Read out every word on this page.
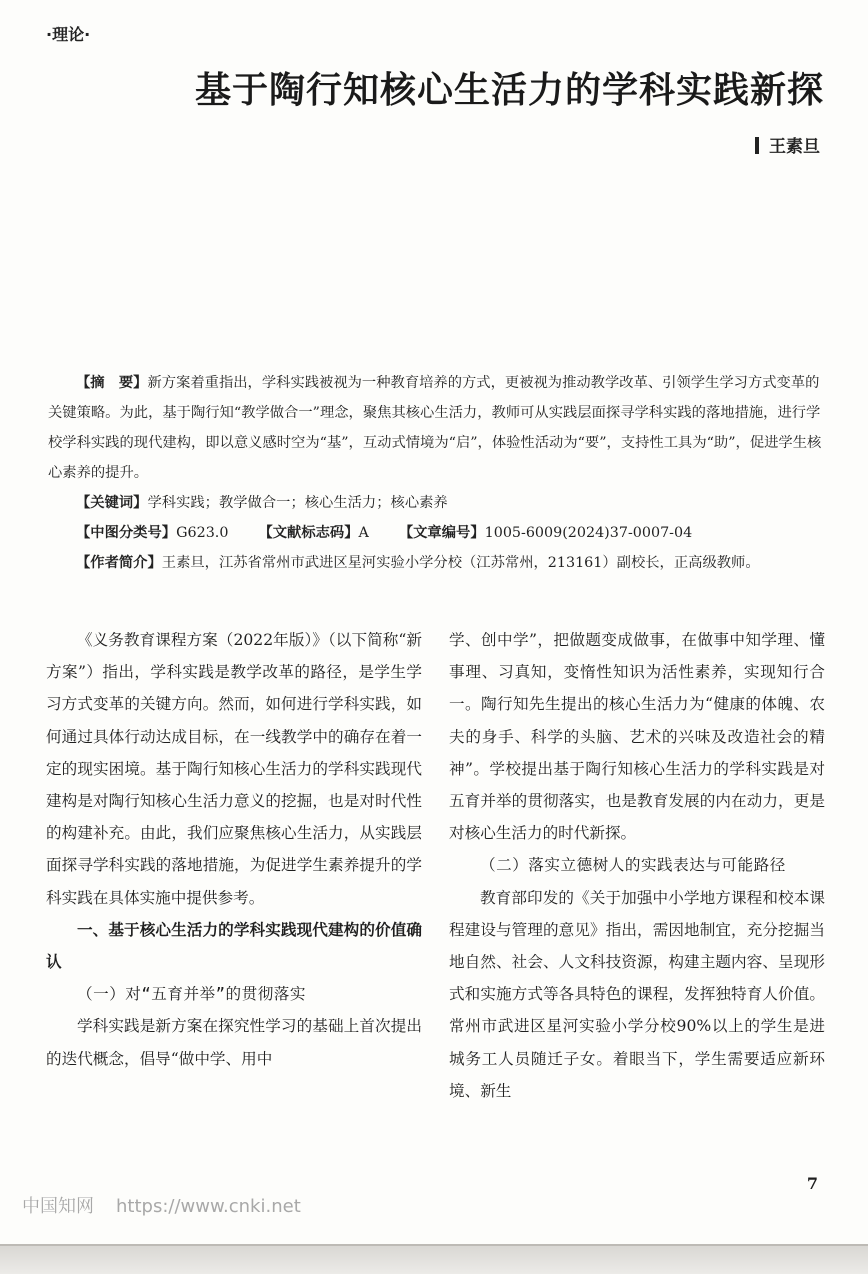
·理论·
基于陶行知核心生活力的学科实践新探
王素旦
【摘　要】新方案着重指出，学科实践被视为一种教育培养的方式，更被视为推动教学改革、引领学生学习方式变革的关键策略。为此，基于陶行知“教学做合一”理念，聚焦其核心生活力，教师可从实践层面探寻学科实践的落地措施，进行学校学科实践的现代建构，即以意义感时空为“基”，互动式情境为“启”，体验性活动为“要”，支持性工具为“助”，促进学生核心素养的提升。
【关键词】学科实践；教学做合一；核心生活力；核心素养
【中图分类号】G623.0 【文献标志码】A 【文章编号】1005-6009(2024)37-0007-04
【作者简介】王素旦，江苏省常州市武进区星河实验小学分校（江苏常州，213161）副校长，正高级教师。

《义务教育课程方案（2022年版）》（以下简称“新方案”）指出，学科实践是教学改革的路径，是学生学习方式变革的关键方向。然而，如何进行学科实践，如何通过具体行动达成目标，在一线教学中的确存在着一定的现实困境。基于陶行知核心生活力的学科实践现代建构是对陶行知核心生活力意义的挖掘，也是对时代性的构建补充。由此，我们应聚焦核心生活力，从实践层面探寻学科实践的落地措施，为促进学生素养提升的学科实践在具体实施中提供参考。

一、基于核心生活力的学科实践现代建构的价值确认
（一）对“五育并举”的贯彻落实

学科实践是新方案在探究性学习的基础上首次提出的迭代概念，倡导“做中学、用中

学、创中学”，把做题变成做事，在做事中知学理、懂事理、习真知，变惰性知识为活性素养，实现知行合一。陶行知先生提出的核心生活力为“健康的体魄、农夫的身手、科学的头脑、艺术的兴味及改造社会的精神”。学校提出基于陶行知核心生活力的学科实践是对五育并举的贯彻落实，也是教育发展的内在动力，更是对核心生活力的时代新探。

（二）落实立德树人的实践表达与可能路径

教育部印发的《关于加强中小学地方课程和校本课程建设与管理的意见》指出，需因地制宜，充分挖掘当地自然、社会、人文科技资源，构建主题内容、呈现形式和实施方式等各具特色的课程，发挥独特育人价值。常州市武进区星河实验小学分校90%以上的学生是进城务工人员随迁子女。着眼当下，学生需要适应新环境、新生

7
中国知网 https://www.cnki.net
